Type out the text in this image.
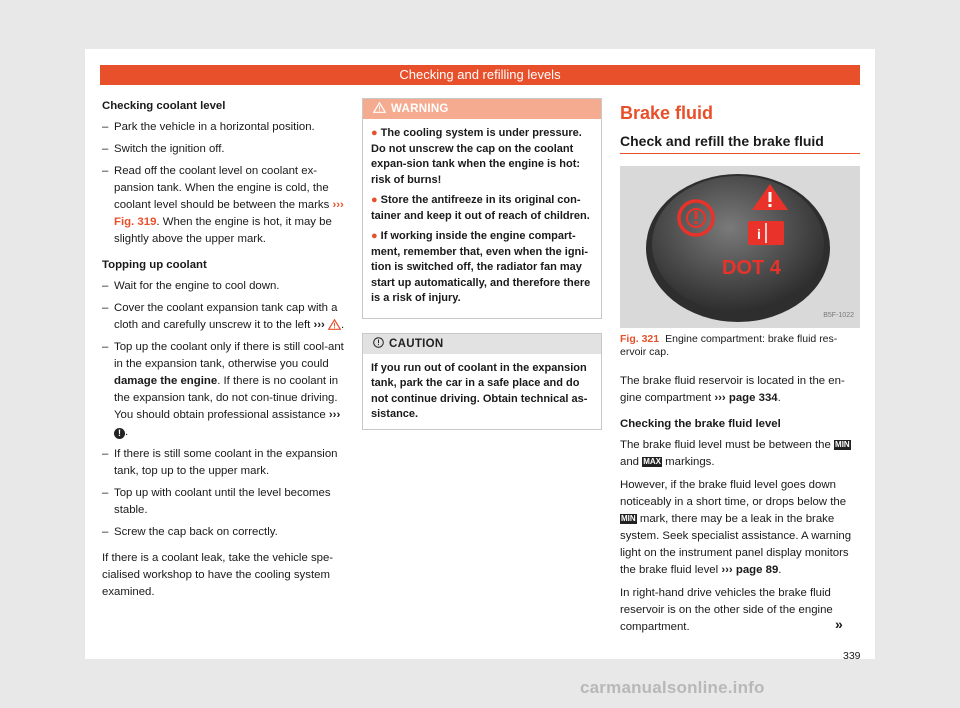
Checking and refilling levels

Checking coolant level

– Park the vehicle in a horizontal position.
– Switch the ignition off.
– Read off the coolant level on coolant ex-pansion tank. When the engine is cold, the coolant level should be between the marks ››› Fig. 319. When the engine is hot, it may be slightly above the upper mark.

Topping up coolant

– Wait for the engine to cool down.
– Cover the coolant expansion tank cap with a cloth and carefully unscrew it to the left ››› .
– Top up the coolant only if there is still cool-ant in the expansion tank, otherwise you could damage the engine. If there is no coolant in the expansion tank, do not con-tinue driving. You should obtain professional assistance ››› ! .
– If there is still some coolant in the expansion tank, top up to the upper mark.
– Top up with coolant until the level becomes stable.
– Screw the cap back on correctly.

If there is a coolant leak, take the vehicle spe-cialised workshop to have the cooling system examined.

WARNING
● The cooling system is under pressure. Do not unscrew the cap on the coolant expan-sion tank when the engine is hot: risk of burns!
● Store the antifreeze in its original con-tainer and keep it out of reach of children.
● If working inside the engine compart-ment, remember that, even when the igni-tion is switched off, the radiator fan may start up automatically, and therefore there is a risk of injury.
CAUTION
If you run out of coolant in the expansion tank, park the car in a safe place and do not continue driving. Obtain technical as-sistance.
Brake fluid
Check and refill the brake fluid
i
DOT 4
B5F-1022
Fig. 321 Engine compartment: brake fluid res-ervoir cap.

The brake fluid reservoir is located in the en-gine compartment ››› page 334.

Checking the brake fluid level

The brake fluid level must be between the MIN
and MAX markings.

However, if the brake fluid level goes down noticeably in a short time, or drops below the MIN mark, there may be a leak in the brake system. Seek specialist assistance. A warning light on the instrument panel display monitors the brake fluid level ››› page 89.

In right-hand drive vehicles the brake fluid reservoir is on the other side of the engine compartment.	»
339
carmanualsonline.info
